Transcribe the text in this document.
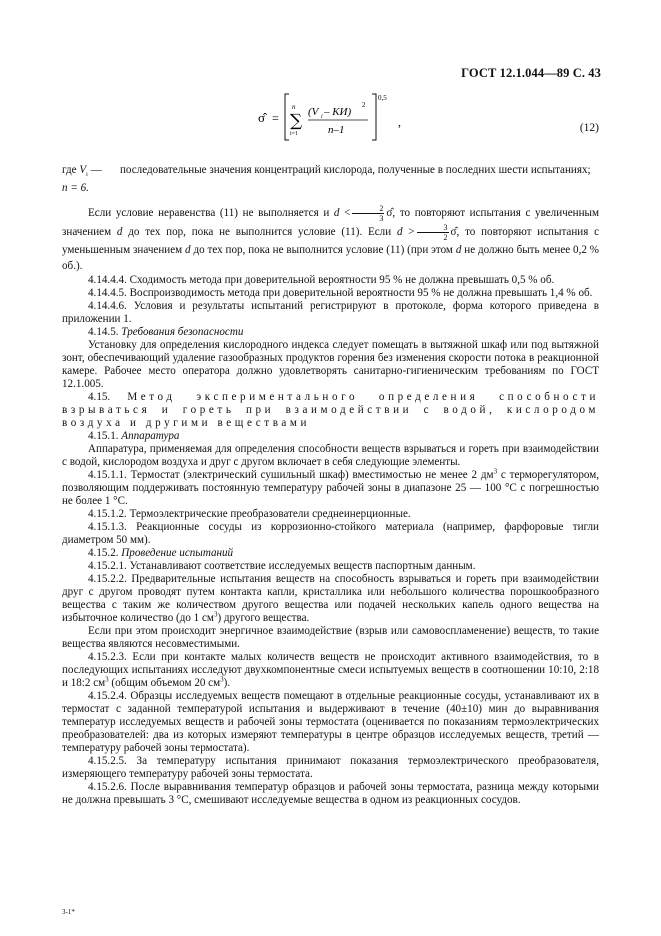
ГОСТ 12.1.044—89 С. 43
σ̂ =
n
∑
i=1
(V i – КИ)
2
n–1
0,5
,	(12)
где $V_i$ —	последовательные значения концентраций кислорода, полученные в последних шести испытаниях;

n = 6.

Если условие неравенства (11) не выполняется и $d < \frac{2}{3}$ σ̂, то повторяют испытания с увеличенным значением d до тех пор, пока не выполнится условие (11). Если $d > \frac{3}{2}$ σ̂, то повторяют испытания с уменьшенным значением d до тех пор, пока не выполнится условие (11) (при этом d не должно быть менее 0,2 % об.).

4.14.4.4. Сходимость метода при доверительной вероятности 95 % не должна превышать 0,5 % об.

4.14.4.5. Воспроизводимость метода при доверительной вероятности 95 % не должна превышать 1,4 % об.

4.14.4.6. Условия и результаты испытаний регистрируют в протоколе, форма которого приведена в приложении 1.

4.14.5. Требования безопасности

Установку для определения кислородного индекса следует помещать в вытяжной шкаф или под вытяжной зонт, обеспечивающий удаление газообразных продуктов горения без изменения скорости потока в реакционной камере. Рабочее место оператора должно удовлетворять санитарно-гигиеническим требованиям по ГОСТ 12.1.005.

4.15. Метод экспериментального определения способности взрываться и гореть при взаимодействии с водой, кислородом воздуха и другими веществами

4.15.1. Аппаратура

Аппаратура, применяемая для определения способности веществ взрываться и гореть при взаимодействии с водой, кислородом воздуха и друг с другом включает в себя следующие элементы.

4.15.1.1. Термостат (электрический сушильный шкаф) вместимостью не менее 2 $дм^3$ с терморегулятором, позволяющим поддерживать постоянную температуру рабочей зоны в диапазоне 25 — 100 °С с погрешностью не более 1 °С.

4.15.1.2. Термоэлектрические преобразователи среднеинерционные.

4.15.1.3. Реакционные сосуды из коррозионно-стойкого материала (например, фарфоровые тигли диаметром 50 мм).

4.15.2. Проведение испытаний

4.15.2.1. Устанавливают соответствие исследуемых веществ паспортным данным.

4.15.2.2. Предварительные испытания веществ на способность взрываться и гореть при взаимодействии друг с другом проводят путем контакта капли, кристаллика или небольшого количества порошкообразного вещества с таким же количеством другого вещества или подачей нескольких капель одного вещества на избыточное количество (до 1 $см^3$) другого вещества.

Если при этом происходит энергичное взаимодействие (взрыв или самовоспламенение) веществ, то такие вещества являются несовместимыми.

4.15.2.3. Если при контакте малых количеств веществ не происходит активного взаимодействия, то в последующих испытаниях исследуют двухкомпонентные смеси испытуемых веществ в соотношении 10:10, 2:18 и 18:2 $см^3$ (общим объемом 20 $см^3$).

4.15.2.4. Образцы исследуемых веществ помещают в отдельные реакционные сосуды, устанавливают их в термостат с заданной температурой испытания и выдерживают в течение (40±10) мин до выравнивания температур исследуемых веществ и рабочей зоны термостата (оценивается по показаниям термоэлектрических преобразователей: два из которых измеряют температуры в центре образцов исследуемых веществ, третий — температуру рабочей зоны термостата).

4.15.2.5. За температуру испытания принимают показания термоэлектрического преобразователя, измеряющего температуру рабочей зоны термостата.

4.15.2.6. После выравнивания температур образцов и рабочей зоны термостата, разница между которыми не должна превышать 3 °С, смешивают исследуемые вещества в одном из реакционных сосудов.

3-1*
